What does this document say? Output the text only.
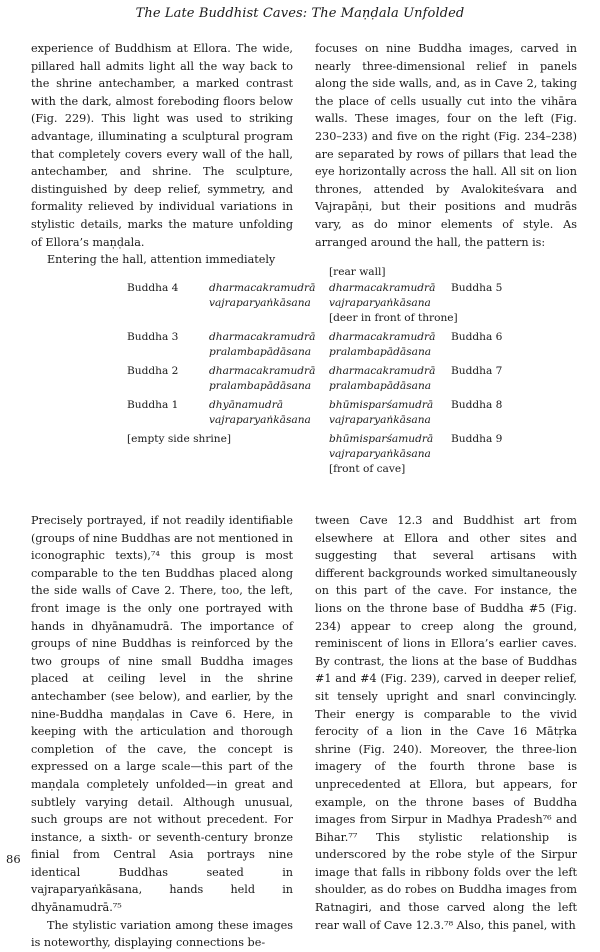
The Late Buddhist Caves: The Maṇḍala Unfolded

experience of Buddhism at Ellora. The wide, pillared hall admits light all the way back to the shrine antechamber, a marked contrast with the dark, almost foreboding floors below (Fig. 229). This light was used to striking advantage, illuminating a sculptural program that completely covers every wall of the hall, antechamber, and shrine. The sculpture, distinguished by deep relief, symmetry, and formality relieved by individual variations in stylistic details, marks the mature unfolding of Ellora’s maṇḍala.

Entering the hall, attention immediately

focuses on nine Buddha images, carved in nearly three-dimensional relief in panels along the side walls, and, as in Cave 2, taking the place of cells usually cut into the vihāra walls. These images, four on the left (Fig. 230–233) and five on the right (Fig. 234–238) are separated by rows of pillars that lead the eye horizontally across the hall. All sit on lion thrones, attended by Avalokiteśvara and Vajrapāṇi, but their positions and mudrās vary, as do minor elements of style. As arranged around the hall, the pattern is:

Buddha 4	dharmacakramudrā
vajraparyaṅkāsana
Buddha 3	dharmacakramudrā
pralambapādāsana
Buddha 2	dharmacakramudrā
pralambapādāsana
Buddha 1	dhyānamudrā
vajraparyaṅkāsana
[empty side shrine]
[rear wall]
dharmacakramudrā Buddha 5
vajraparyaṅkāsana
[deer in front of throne]
dharmacakramudrā Buddha 6
pralambapādāsana
dharmacakramudrā Buddha 7
pralambapādāsana
bhūmisparśamudrā Buddha 8
vajraparyaṅkāsana
bhūmisparśamudrā Buddha 9
vajraparyaṅkāsana
[front of cave]

Precisely portrayed, if not readily identifiable (groups of nine Buddhas are not mentioned in iconographic texts),⁷⁴ this group is most comparable to the ten Buddhas placed along the side walls of Cave 2. There, too, the left, front image is the only one portrayed with hands in dhyānamudrā. The importance of groups of nine Buddhas is reinforced by the two groups of nine small Buddha images placed at ceiling level in the shrine antechamber (see below), and earlier, by the nine-Buddha maṇḍalas in Cave 6. Here, in keeping with the articulation and thorough completion of the cave, the concept is expressed on a large scale—this part of the maṇḍala completely unfolded—in great and subtlely varying detail. Although unusual, such groups are not without precedent. For instance, a sixth- or seventh-century bronze finial from Central Asia portrays nine identical Buddhas seated in vajraparyaṅkāsana, hands held in dhyānamudrā.⁷⁵

The stylistic variation among these images is noteworthy, displaying connections be-

tween Cave 12.3 and Buddhist art from elsewhere at Ellora and other sites and suggesting that several artisans with different backgrounds worked simultaneously on this part of the cave. For instance, the lions on the throne base of Buddha #5 (Fig. 234) appear to creep along the ground, reminiscent of lions in Ellora’s earlier caves. By contrast, the lions at the base of Buddhas #1 and #4 (Fig. 239), carved in deeper relief, sit tensely upright and snarl convincingly. Their energy is comparable to the vivid ferocity of a lion in the Cave 16 Mātṛka shrine (Fig. 240). Moreover, the three-lion imagery of the fourth throne base is unprecedented at Ellora, but appears, for example, on the throne bases of Buddha images from Sirpur in Madhya Pradesh⁷⁶ and Bihar.⁷⁷ This stylistic relationship is underscored by the robe style of the Sirpur image that falls in ribbony folds over the left shoulder, as do robes on Buddha images from Ratnagiri, and those carved along the left rear wall of Cave 12.3.⁷⁸ Also, this panel, with

86
